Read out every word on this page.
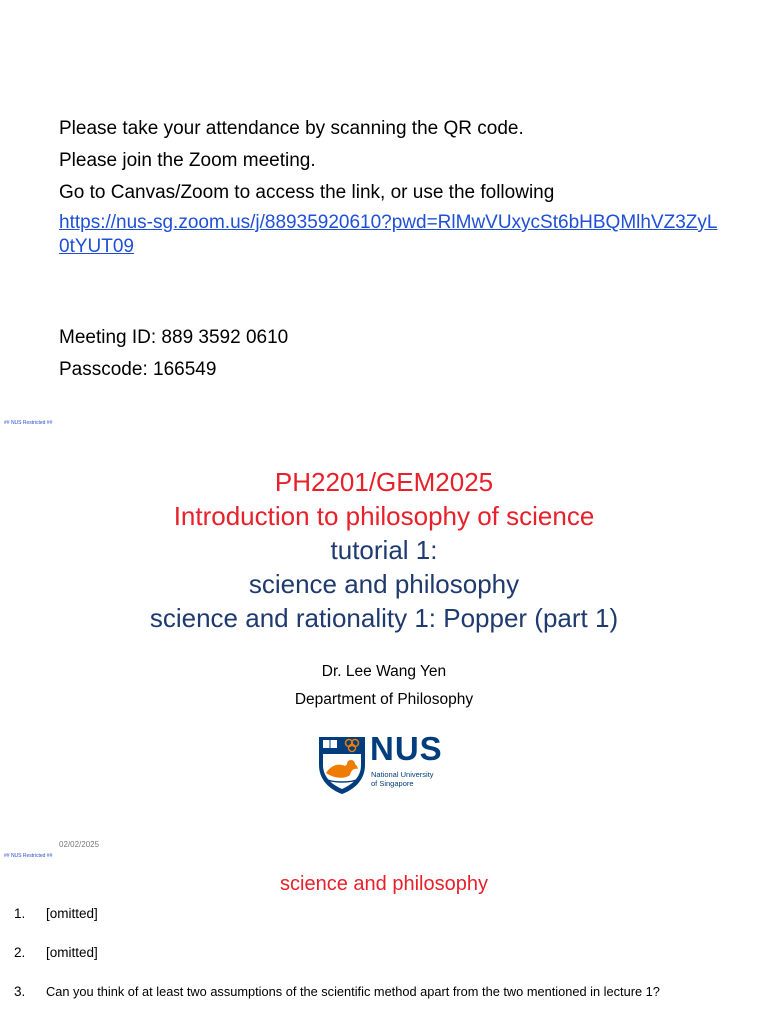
Please take your attendance by scanning the QR code.
Please join the Zoom meeting.
Go to Canvas/Zoom to access the link, or use the following
https://nus-sg.zoom.us/j/88935920610?pwd=RlMwVUxycSt6bHBQMlhVZ3ZyL0tYUT09
Meeting ID: 889 3592 0610
Passcode: 166549
## NUS Restricted ##
PH2201/GEM2025
Introduction to philosophy of science
tutorial 1:
science and philosophy
science and rationality 1: Popper (part 1)
Dr. Lee Wang Yen
Department of Philosophy
NUS
National University
of Singapore
02/02/2025
## NUS Restricted ##
science and philosophy
1. [omitted]
2. [omitted]
3. Can you think of at least two assumptions of the scientific method apart from the two mentioned in lecture 1?
